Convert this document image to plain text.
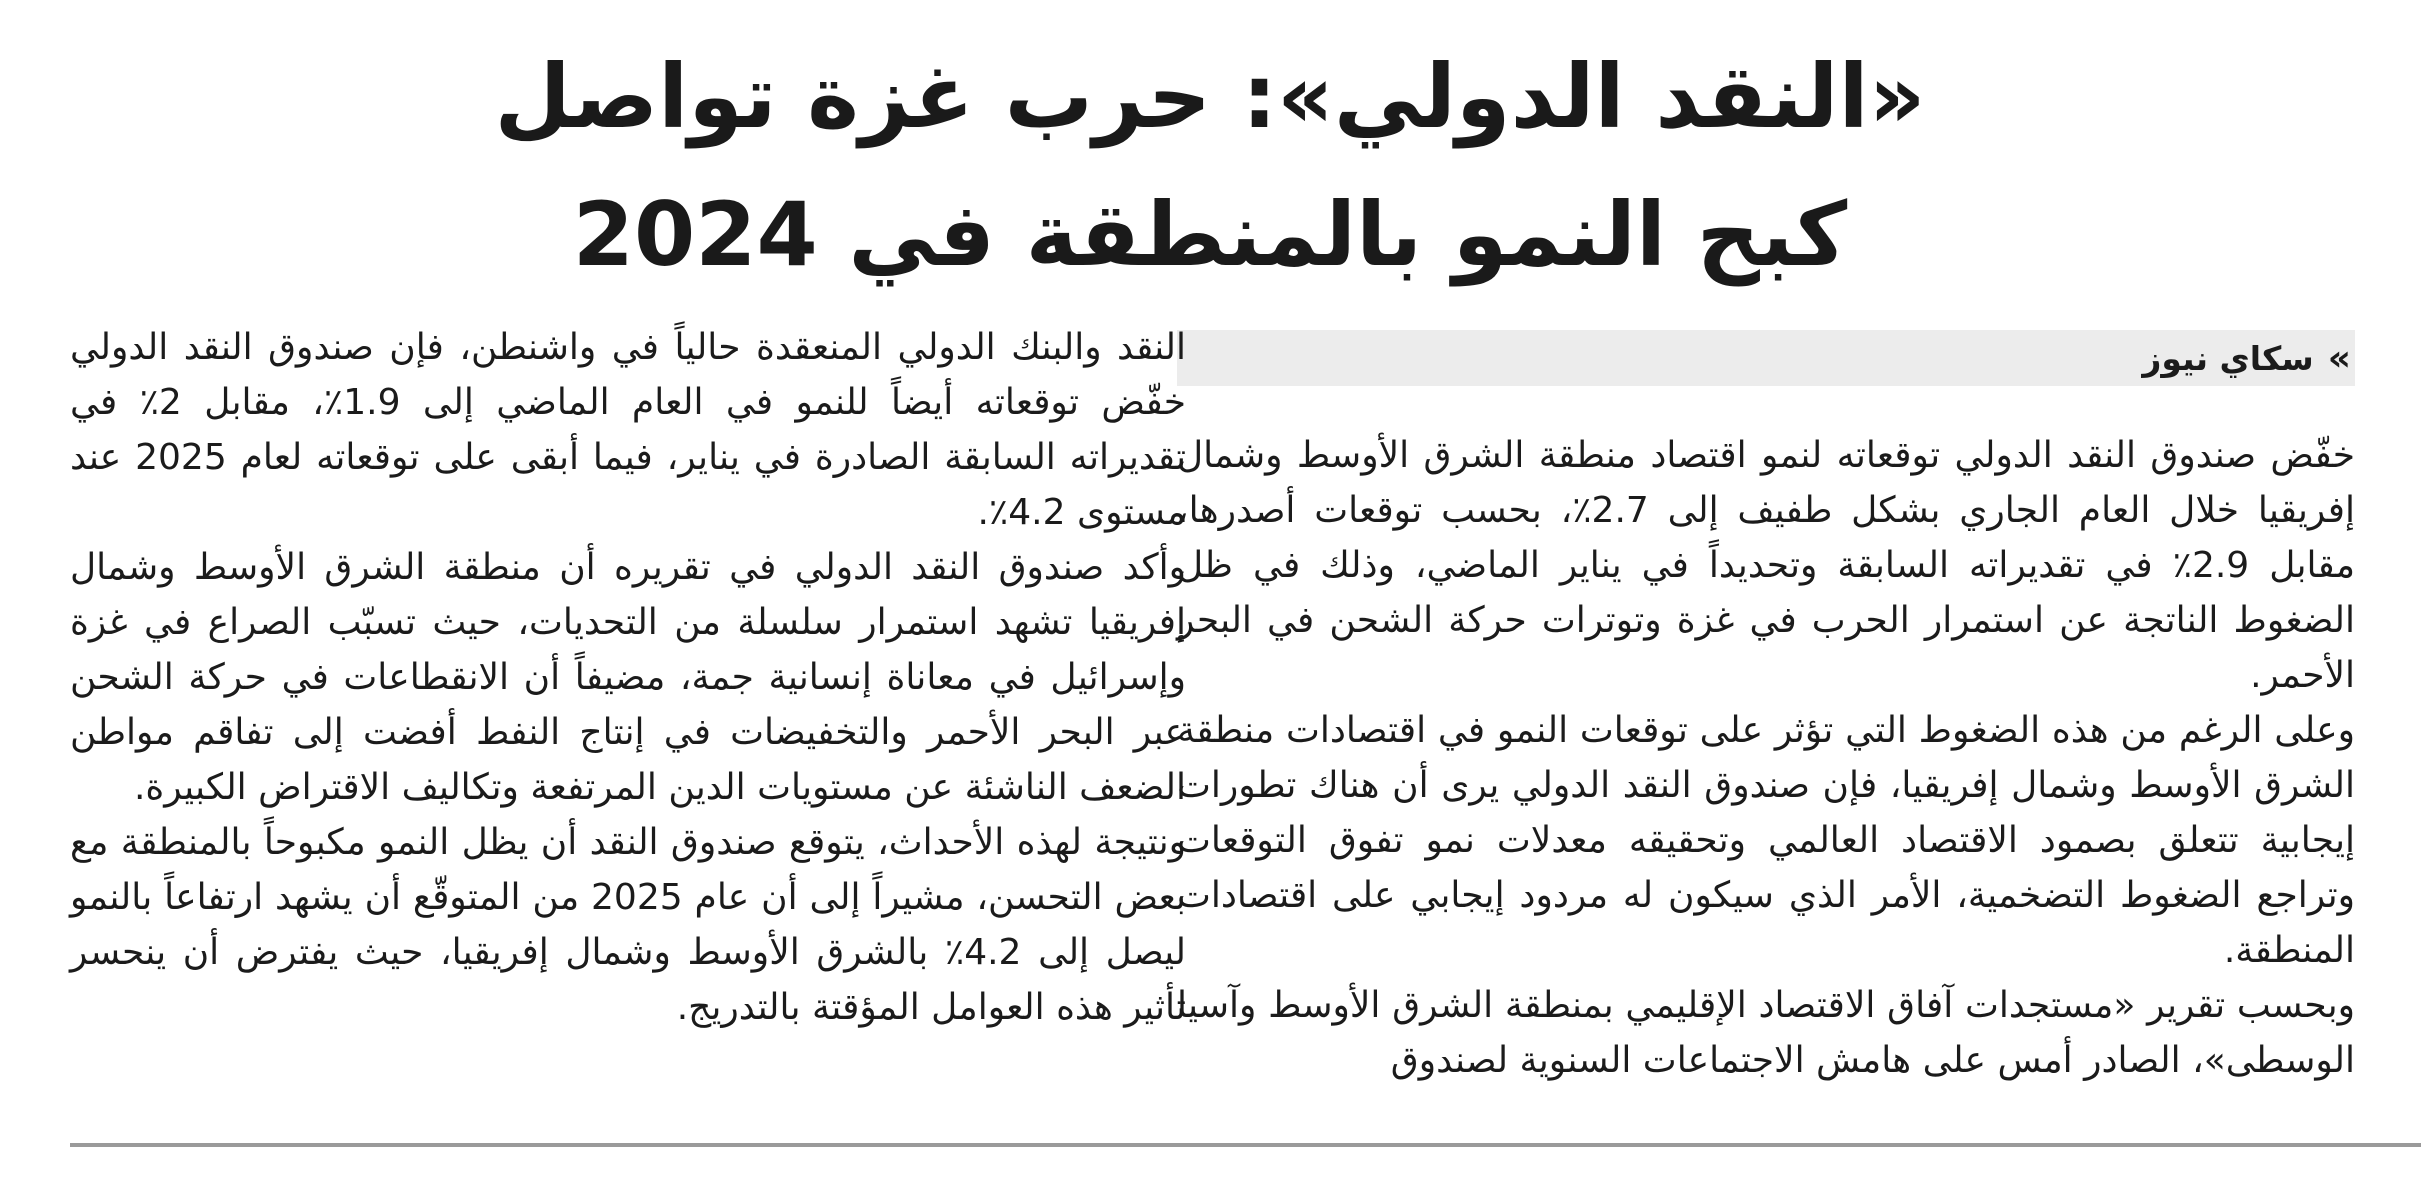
«النقد الدولي»: حرب غزة تواصل
كبح النمو بالمنطقة في 2024
»
سكاي نيوز

خفّض صندوق النقد الدولي توقعاته لنمو اقتصاد منطقة الشرق الأوسط وشمال إفريقيا خلال العام الجاري بشكل طفيف إلى 2.7٪، بحسب توقعات أصدرها، مقابل 2.9٪ في تقديراته السابقة وتحديداً في يناير الماضي، وذلك في ظل الضغوط الناتجة عن استمرار الحرب في غزة وتوترات حركة الشحن في البحر الأحمر.

وعلى الرغم من هذه الضغوط التي تؤثر على توقعات النمو في اقتصادات منطقة الشرق الأوسط وشمال إفريقيا، فإن صندوق النقد الدولي يرى أن هناك تطورات إيجابية تتعلق بصمود الاقتصاد العالمي وتحقيقه معدلات نمو تفوق التوقعات وتراجع الضغوط التضخمية، الأمر الذي سيكون له مردود إيجابي على اقتصادات المنطقة.

وبحسب تقرير «مستجدات آفاق الاقتصاد الإقليمي بمنطقة الشرق الأوسط وآسيا الوسطى»، الصادر أمس على هامش الاجتماعات السنوية لصندوق

النقد والبنك الدولي المنعقدة حالياً في واشنطن، فإن صندوق النقد الدولي خفّض توقعاته أيضاً للنمو في العام الماضي إلى 1.9٪، مقابل 2٪ في تقديراته السابقة الصادرة في يناير، فيما أبقى على توقعاته لعام 2025 عند مستوى 4.2٪.

وأكد صندوق النقد الدولي في تقريره أن منطقة الشرق الأوسط وشمال إفريقيا تشهد استمرار سلسلة من التحديات، حيث تسبّب الصراع في غزة وإسرائيل في معاناة إنسانية جمة، مضيفاً أن الانقطاعات في حركة الشحن عبر البحر الأحمر والتخفيضات في إنتاج النفط أفضت إلى تفاقم مواطن الضعف الناشئة عن مستويات الدين المرتفعة وتكاليف الاقتراض الكبيرة.

ونتيجة لهذه الأحداث، يتوقع صندوق النقد أن يظل النمو مكبوحاً بالمنطقة مع بعض التحسن، مشيراً إلى أن عام 2025 من المتوقّع أن يشهد ارتفاعاً بالنمو ليصل إلى 4.2٪ بالشرق الأوسط وشمال إفريقيا، حيث يفترض أن ينحسر تأثير هذه العوامل المؤقتة بالتدريج.
